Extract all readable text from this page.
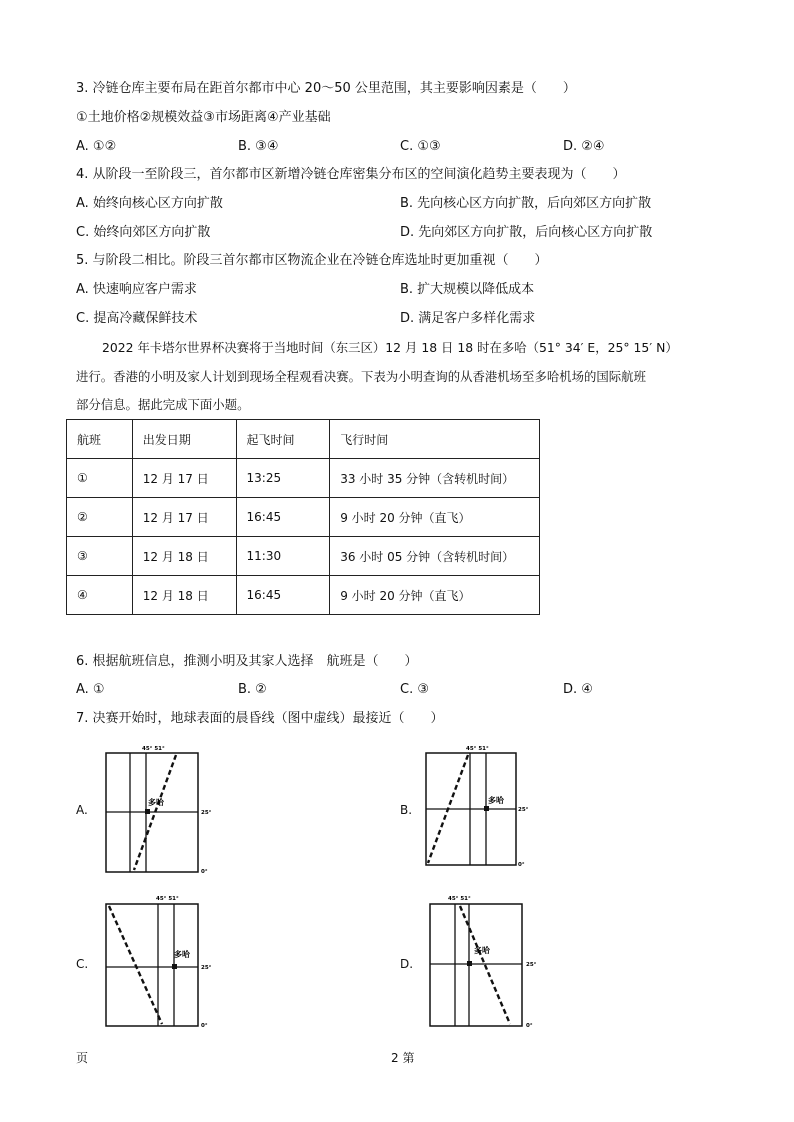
3. 冷链仓库主要布局在距首尔都市中心 20～50 公里范围，其主要影响因素是（　　）
①土地价格②规模效益③市场距离④产业基础
A. ①②	B. ③④	C. ①③	D. ②④
4. 从阶段一至阶段三，首尔都市区新增冷链仓库密集分布区的空间演化趋势主要表现为（　　）
A. 始终向核心区方向扩散	B. 先向核心区方向扩散，后向郊区方向扩散
C. 始终向郊区方向扩散	D. 先向郊区方向扩散，后向核心区方向扩散
5. 与阶段二相比。阶段三首尔都市区物流企业在冷链仓库选址时更加重视（　　）
A. 快速响应客户需求	B. 扩大规模以降低成本
C. 提高冷藏保鲜技术	D. 满足客户多样化需求
2022 年卡塔尔世界杯决赛将于当地时间（东三区）12 月 18 日 18 时在多哈（51° 34′ E，25° 15′ N）
进行。香港的小明及家人计划到现场全程观看决赛。下表为小明查询的从香港机场至多哈机场的国际航班
部分信息。据此完成下面小题。
航班	出发日期	起飞时间	飞行时间
①	12 月 17 日	13:25	33 小时 35 分钟（含转机时间）
②	12 月 17 日	16:45	9 小时 20 分钟（直飞）
③	12 月 18 日	11:30	36 小时 05 分钟（含转机时间）
④	12 月 18 日	16:45	9 小时 20 分钟（直飞）
6. 根据航班信息，推测小明及其家人选择　航班是（　　）
A. ①	B. ②	C. ③	D. ④
7. 决赛开始时，地球表面的晨昏线（图中虚线）最接近（　　）
A.
45° 51°
多哈
25°
0°
B.
45° 51°
多哈
25°
0°
C.
45° 51°
多哈
25°
0°
D.
45° 51°
多哈
25°
0°
页	2 第
